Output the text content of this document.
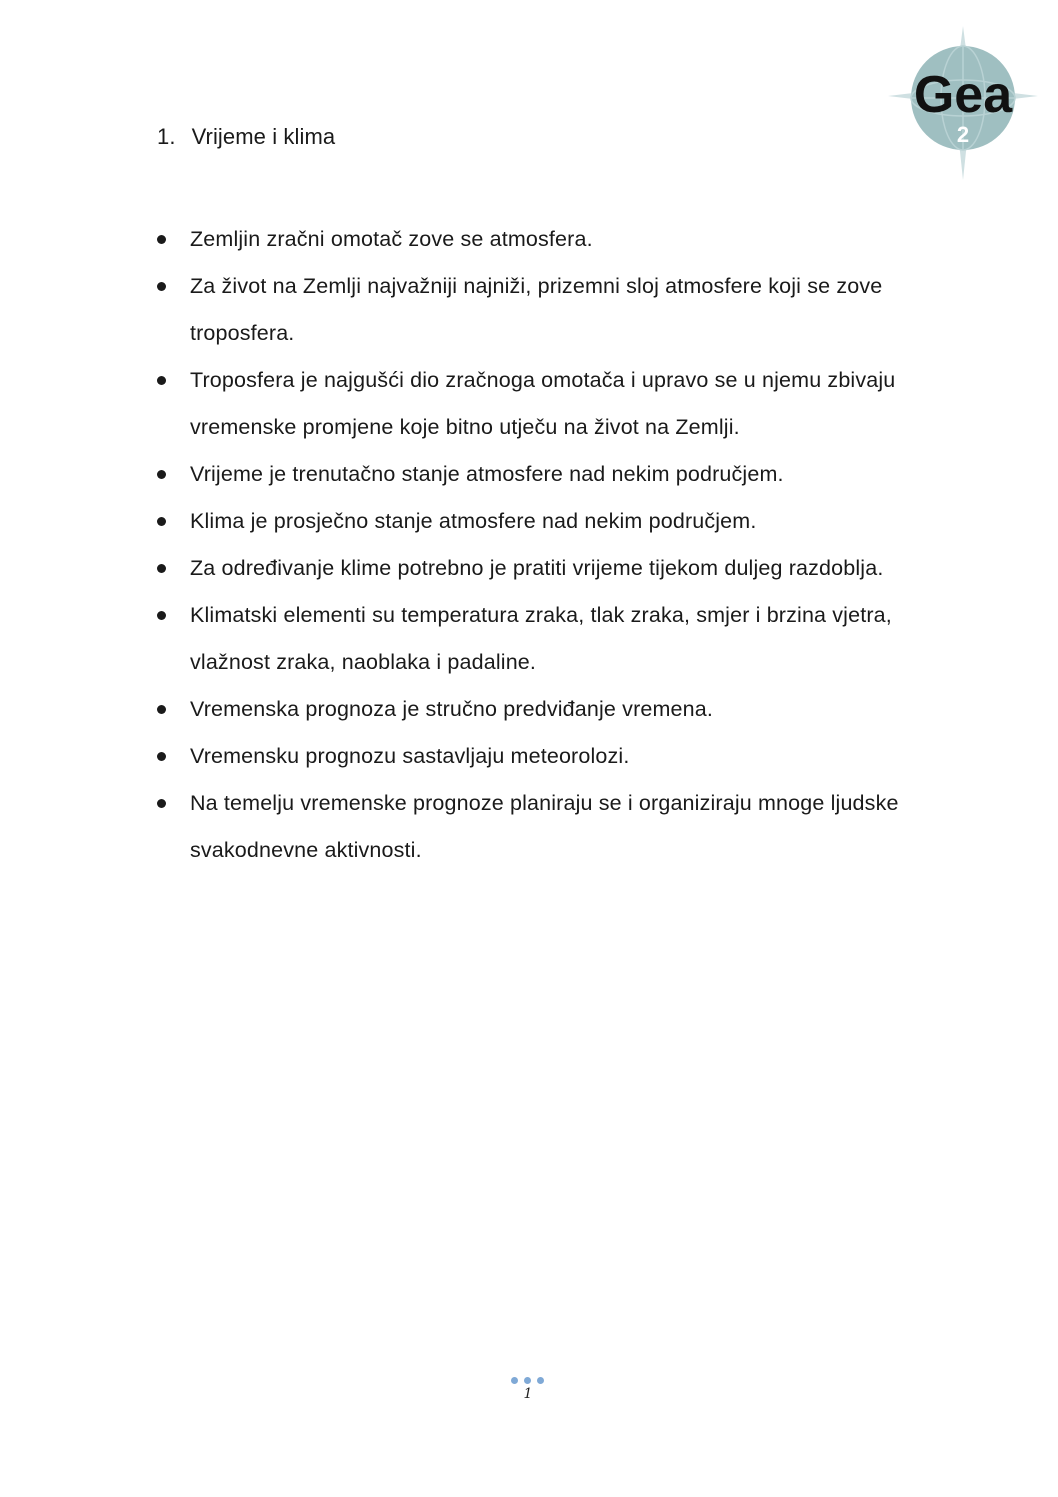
Gea
2
1. Vrijeme i klima
Zemljin zračni omotač zove se atmosfera.
Za život na Zemlji najvažniji najniži, prizemni sloj atmosfere koji se zove troposfera.
Troposfera je najgušći dio zračnoga omotača i upravo se u njemu zbivaju vremenske promjene koje bitno utječu na život na Zemlji.
Vrijeme je trenutačno stanje atmosfere nad nekim područjem.
Klima je prosječno stanje atmosfere nad nekim područjem.
Za određivanje klime potrebno je pratiti vrijeme tijekom duljeg razdoblja.
Klimatski elementi su temperatura zraka, tlak zraka, smjer i brzina vjetra, vlažnost zraka, naoblaka i padaline.
Vremenska prognoza je stručno predviđanje vremena.
Vremensku prognozu sastavljaju meteorolozi.
Na temelju vremenske prognoze planiraju se i organiziraju mnoge ljudske svakodnevne aktivnosti.
1
